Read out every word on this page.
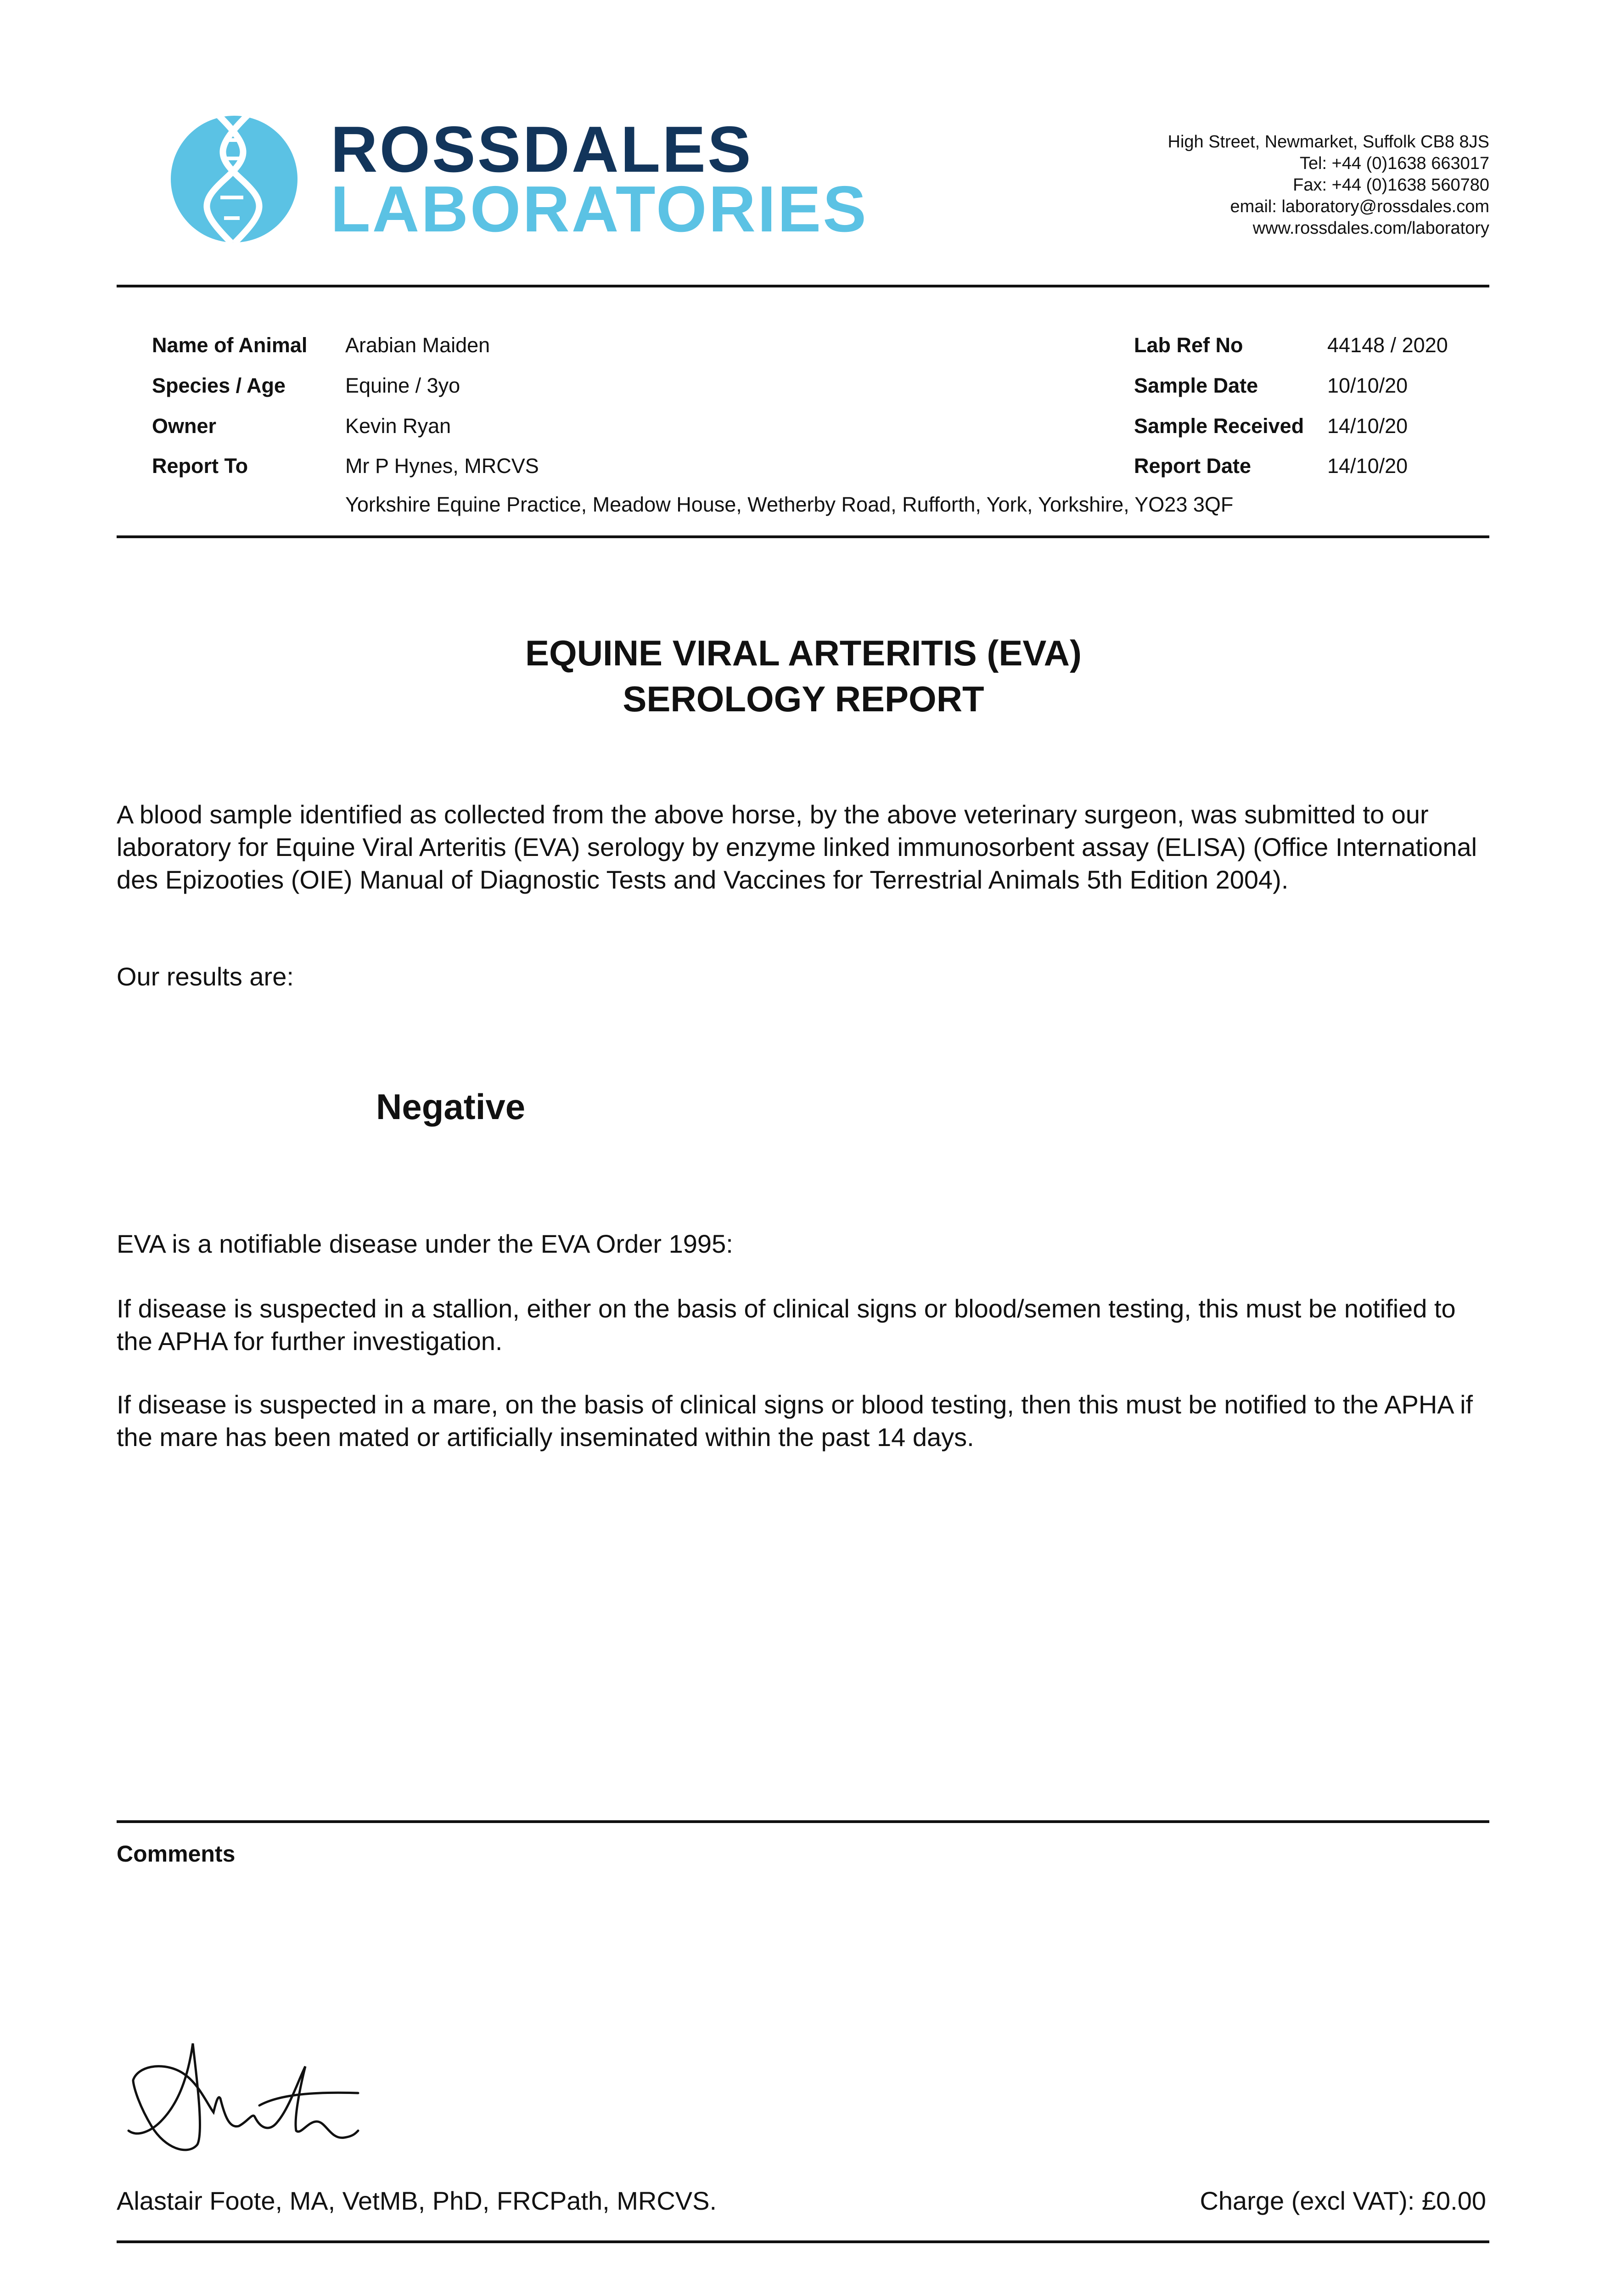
ROSSDALES
LABORATORIES
High Street, Newmarket, Suffolk CB8 8JS
Tel: +44 (0)1638 663017
Fax: +44 (0)1638 560780
email: laboratory@rossdales.com
www.rossdales.com/laboratory
Name of Animal Arabian Maiden
Species / Age	Equine / 3yo
Owner	Kevin Ryan
Report To	Mr P Hynes, MRCVS
Yorkshire Equine Practice, Meadow House, Wetherby Road, Rufforth, York, Yorkshire, YO23 3QF
Lab Ref No	44148 / 2020
Sample Date	10/10/20
Sample Received 14/10/20
Report Date	14/10/20
EQUINE VIRAL ARTERITIS (EVA)
SEROLOGY REPORT
A blood sample identified as collected from the above horse, by the above veterinary surgeon, was submitted to our laboratory for Equine Viral Arteritis (EVA) serology by enzyme linked immunosorbent assay (ELISA) (Office International des Epizooties (OIE) Manual of Diagnostic Tests and Vaccines for Terrestrial Animals 5th Edition 2004).
Our results are:
Negative
EVA is a notifiable disease under the EVA Order 1995:
If disease is suspected in a stallion, either on the basis of clinical signs or blood/semen testing, this must be notified to the APHA for further investigation.
If disease is suspected in a mare, on the basis of clinical signs or blood testing, then this must be notified to the APHA if the mare has been mated or artificially inseminated within the past 14 days.
Comments
Alastair Foote, MA, VetMB, PhD, FRCPath, MRCVS.	Charge (excl VAT): £0.00
